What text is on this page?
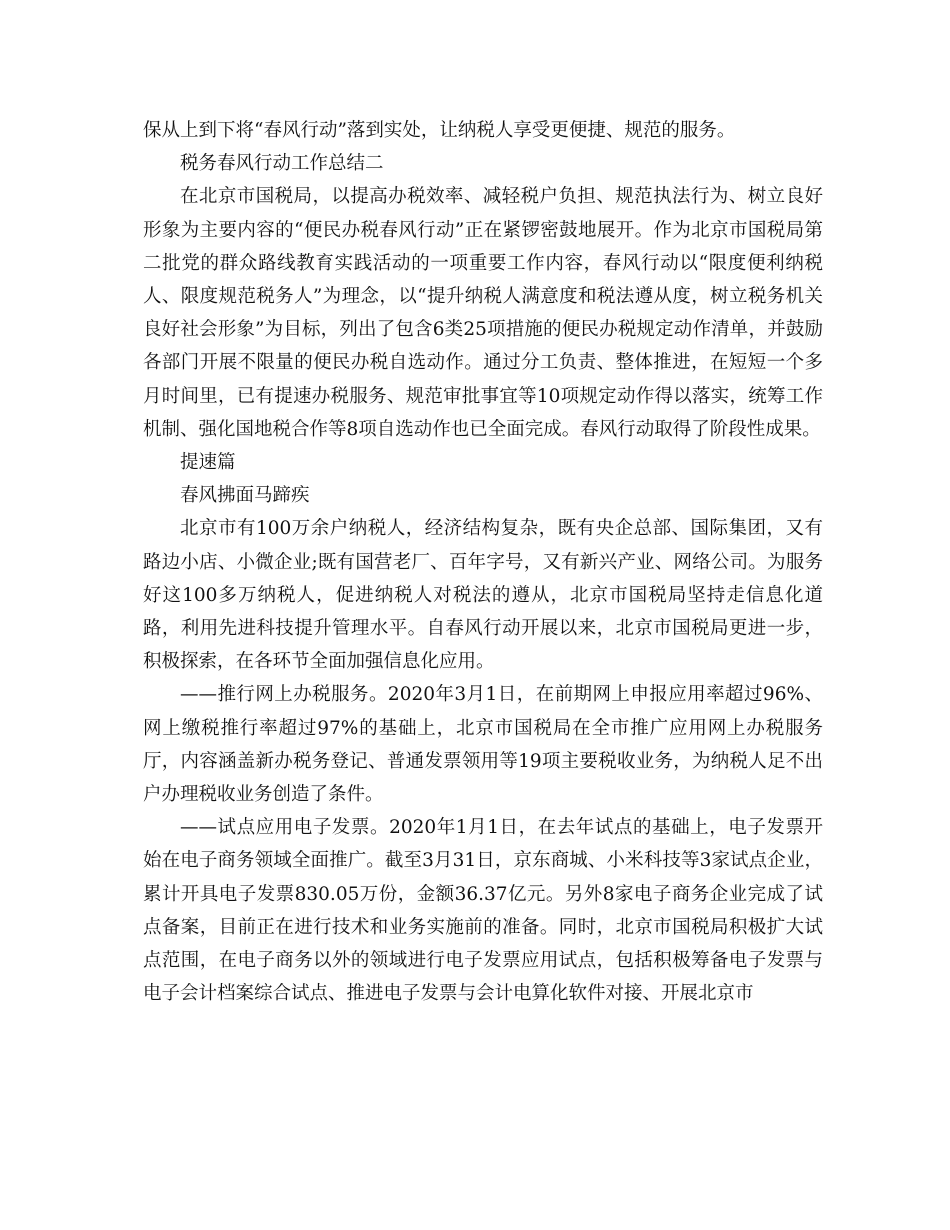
保从上到下将“春风行动”落到实处，让纳税人享受更便捷、规范的服务。

税务春风行动工作总结二

在北京市国税局，以提高办税效率、减轻税户负担、规范执法行为、树立良好形象为主要内容的“便民办税春风行动”正在紧锣密鼓地展开。作为北京市国税局第二批党的群众路线教育实践活动的一项重要工作内容，春风行动以“限度便利纳税人、限度规范税务人”为理念，以“提升纳税人满意度和税法遵从度，树立税务机关良好社会形象”为目标，列出了包含6类25项措施的便民办税规定动作清单，并鼓励各部门开展不限量的便民办税自选动作。通过分工负责、整体推进，在短短一个多月时间里，已有提速办税服务、规范审批事宜等10项规定动作得以落实，统筹工作机制、强化国地税合作等8项自选动作也已全面完成。春风行动取得了阶段性成果。

提速篇

春风拂面马蹄疾

北京市有100万余户纳税人，经济结构复杂，既有央企总部、国际集团，又有路边小店、小微企业;既有国营老厂、百年字号，又有新兴产业、网络公司。为服务好这100多万纳税人，促进纳税人对税法的遵从，北京市国税局坚持走信息化道路，利用先进科技提升管理水平。自春风行动开展以来，北京市国税局更进一步，积极探索，在各环节全面加强信息化应用。

——推行网上办税服务。2020年3月1日，在前期网上申报应用率超过96%、网上缴税推行率超过97%的基础上，北京市国税局在全市推广应用网上办税服务厅，内容涵盖新办税务登记、普通发票领用等19项主要税收业务，为纳税人足不出户办理税收业务创造了条件。

——试点应用电子发票。2020年1月1日，在去年试点的基础上，电子发票开始在电子商务领域全面推广。截至3月31日，京东商城、小米科技等3家试点企业，累计开具电子发票830.05万份，金额36.37亿元。另外8家电子商务企业完成了试点备案，目前正在进行技术和业务实施前的准备。同时，北京市国税局积极扩大试点范围，在电子商务以外的领域进行电子发票应用试点，包括积极筹备电子发票与电子会计档案综合试点、推进电子发票与会计电算化软件对接、开展北京市
